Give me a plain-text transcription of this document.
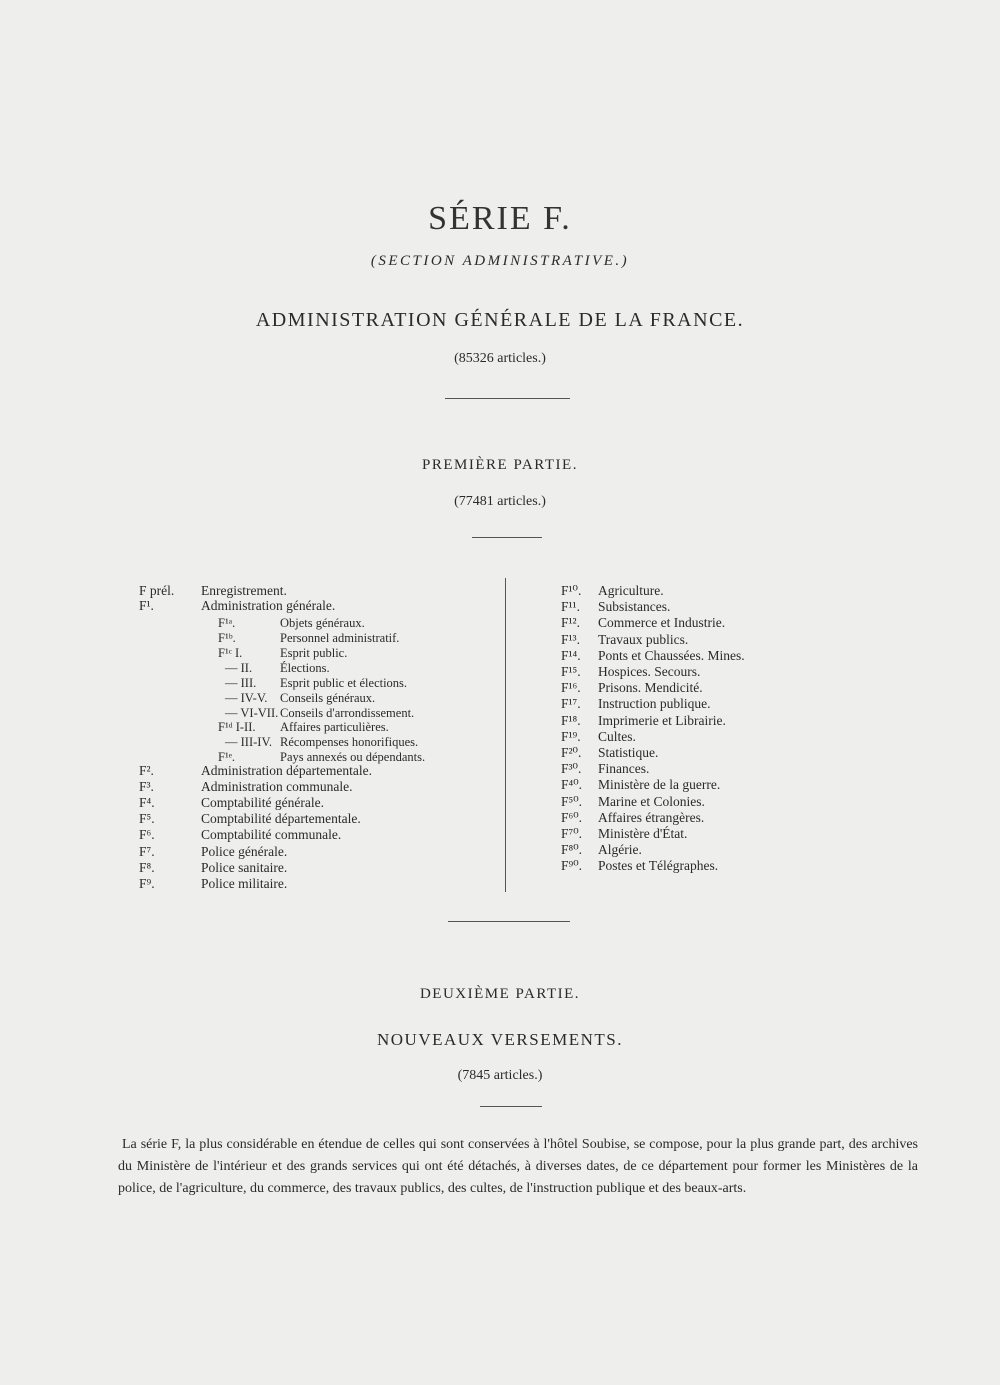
SÉRIE F.
(SECTION ADMINISTRATIVE.)
ADMINISTRATION GÉNÉRALE DE LA FRANCE.
(85326 articles.)
PREMIÈRE PARTIE.
(77481 articles.)
F prél. Enregistrement.
F¹.	Administration générale.
F¹ᵃ.	Objets généraux.
F¹ᵇ.	Personnel administratif.
F¹ᶜ I.	Esprit public.
— II. Élections.
— III. Esprit public et élections.
— IV-V. Conseils généraux.
— VI-VII. Conseils d'arrondissement.
F¹ᵈ I-II. Affaires particulières.
— III-IV. Récompenses honorifiques.
F¹ᵉ.	Pays annexés ou dépendants.
F².	Administration départementale.
F³.	Administration communale.
F⁴.	Comptabilité générale.
F⁵.	Comptabilité départementale.
F⁶.	Comptabilité communale.
F⁷.	Police générale.
F⁸.	Police sanitaire.
F⁹.	Police militaire.
F¹⁰. Agriculture.
F¹¹. Subsistances.
F¹². Commerce et Industrie.
F¹³. Travaux publics.
F¹⁴. Ponts et Chaussées. Mines.
F¹⁵. Hospices. Secours.
F¹⁶. Prisons. Mendicité.
F¹⁷. Instruction publique.
F¹⁸. Imprimerie et Librairie.
F¹⁹. Cultes.
F²⁰. Statistique.
F³⁰. Finances.
F⁴⁰. Ministère de la guerre.
F⁵⁰. Marine et Colonies.
F⁶⁰. Affaires étrangères.
F⁷⁰. Ministère d'État.
F⁸⁰. Algérie.
F⁹⁰. Postes et Télégraphes.
DEUXIÈME PARTIE.
NOUVEAUX VERSEMENTS.
(7845 articles.)
La série F, la plus considérable en étendue de celles qui sont conservées à l'hôtel Soubise, se compose, pour la plus grande part, des archives du Ministère de l'intérieur et des grands services qui ont été détachés, à diverses dates, de ce département pour former les Ministères de la police, de l'agriculture, du commerce, des travaux publics, des cultes, de l'instruction publique et des beaux-arts.
